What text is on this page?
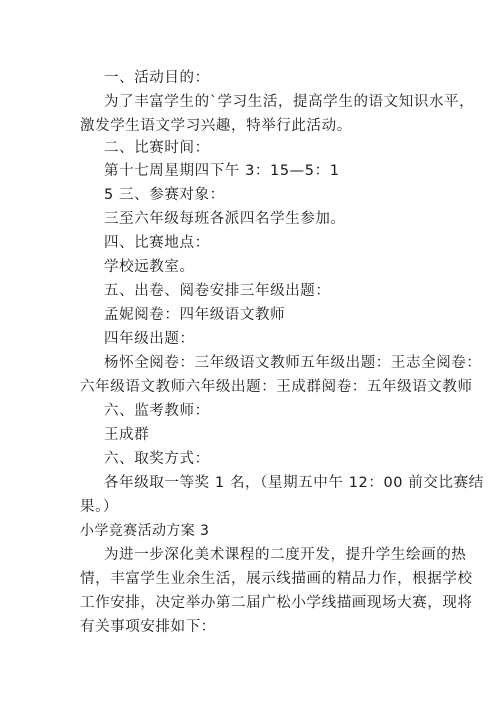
一、活动目的：
为了丰富学生的`学习生活，提高学生的语文知识水平，
激发学生语文学习兴趣，特举行此活动。
二、比赛时间：
第十七周星期四下午 3：15—5：1
5 三、参赛对象：
三至六年级每班各派四名学生参加。
四、比赛地点：
学校远教室。
五、出卷、阅卷安排三年级出题：
孟妮阅卷：四年级语文教师
四年级出题：
杨怀全阅卷：三年级语文教师五年级出题：王志全阅卷：
六年级语文教师六年级出题：王成群阅卷：五年级语文教师
六、监考教师：
王成群
六、取奖方式：
各年级取一等奖 1 名，（星期五中午 12：00 前交比赛结
果。）
小学竞赛活动方案 3
为进一步深化美术课程的二度开发，提升学生绘画的热
情，丰富学生业余生活，展示线描画的精品力作，根据学校
工作安排，决定举办第二届广松小学线描画现场大赛，现将
有关事项安排如下：
